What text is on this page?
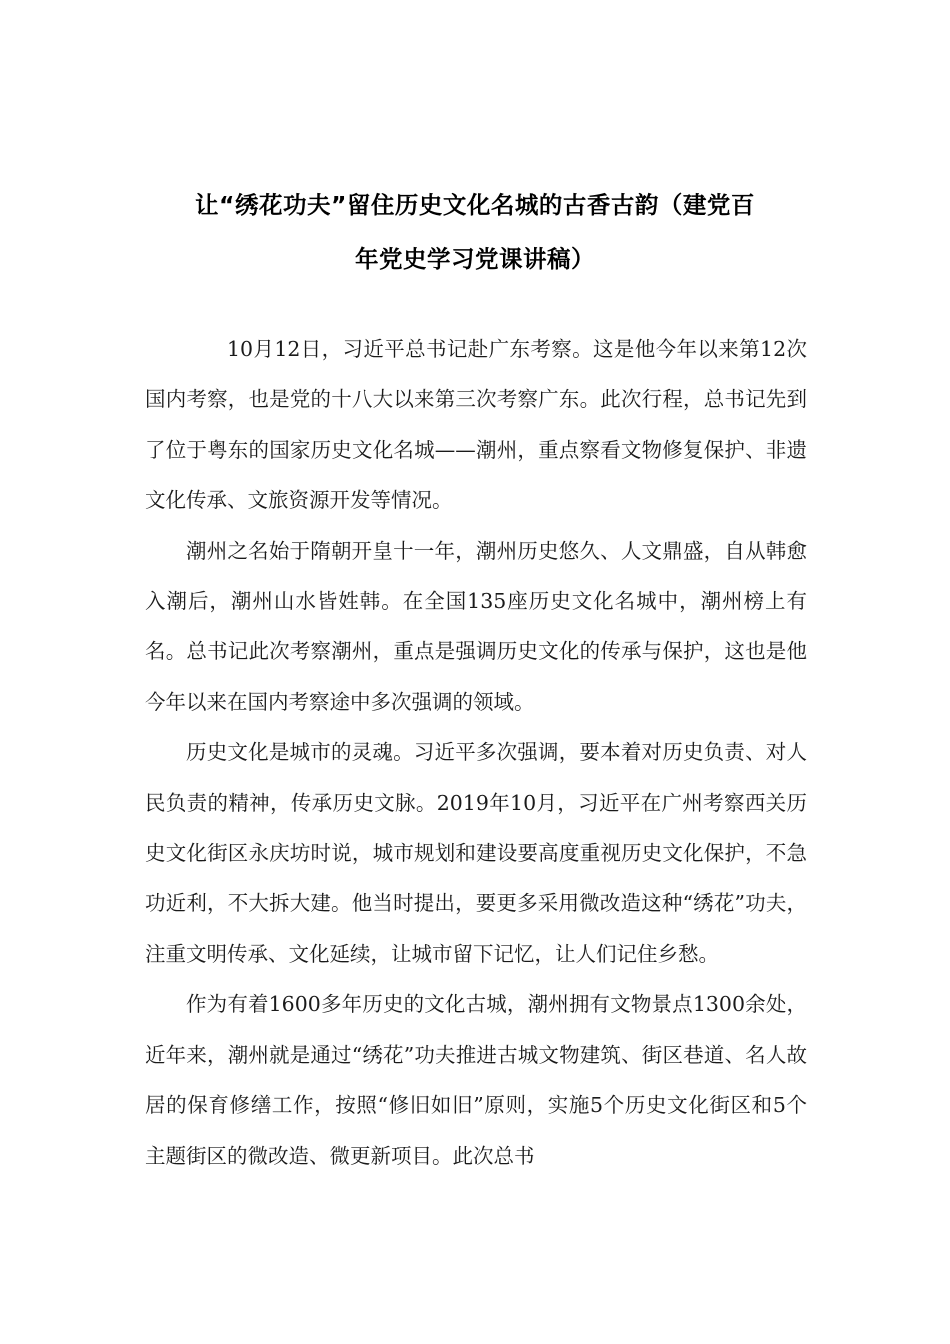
让“绣花功夫”留住历史文化名城的古香古韵（建党百
年党史学习党课讲稿）

10月12日，习近平总书记赴广东考察。这是他今年以来第12次国内考察，也是党的十八大以来第三次考察广东。此次行程，总书记先到了位于粤东的国家历史文化名城——潮州，重点察看文物修复保护、非遗文化传承、文旅资源开发等情况。

潮州之名始于隋朝开皇十一年，潮州历史悠久、人文鼎盛，自从韩愈入潮后，潮州山水皆姓韩。在全国135座历史文化名城中，潮州榜上有名。总书记此次考察潮州，重点是强调历史文化的传承与保护，这也是他今年以来在国内考察途中多次强调的领域。

历史文化是城市的灵魂。习近平多次强调，要本着对历史负责、对人民负责的精神，传承历史文脉。2019年10月，习近平在广州考察西关历史文化街区永庆坊时说，城市规划和建设要高度重视历史文化保护，不急功近利，不大拆大建。他当时提出，要更多采用微改造这种“绣花”功夫，注重文明传承、文化延续，让城市留下记忆，让人们记住乡愁。

作为有着1600多年历史的文化古城，潮州拥有文物景点1300余处，近年来，潮州就是通过“绣花”功夫推进古城文物建筑、街区巷道、名人故居的保育修缮工作，按照“修旧如旧”原则，实施5个历史文化街区和5个主题街区的微改造、微更新项目。此次总书
